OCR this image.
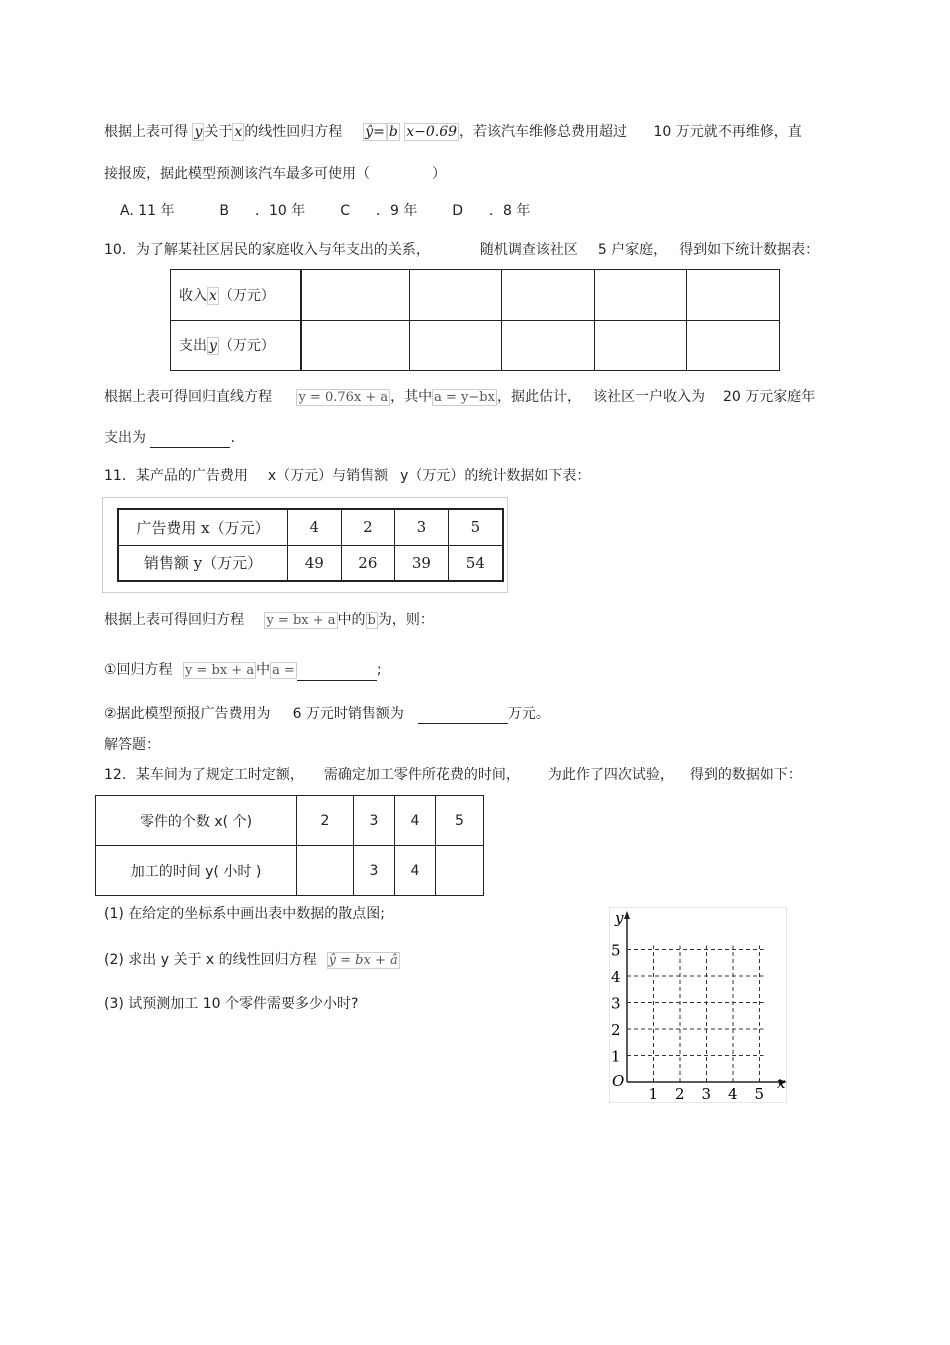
根据上表可得 y 关于 x 的线性回归方程 ŷ= b x−0.69 ，若该汽车维修总费用超过 10 万元就不再维修，直
接报废，据此模型预测该汽车最多可使用（	）
A. 11 年	B ．10 年 C ．9 年 D ．8 年
10．为了解某社区居民的家庭收入与年支出的关系，	随机调查该社区 5 户家庭， 得到如下统计数据表：
收入 x （万元）					
支出 y （万元）					
根据上表可得回归直线方程 y = 0.76x + a ，其中 a = y−bx ，据此估计， 该社区一户收入为 20 万元家庭年
支出为	.
11．某产品的广告费用 x（万元）与销售额 y（万元）的统计数据如下表：
广告费用 x（万元）	4	2	3	5
销售额 y（万元）	49	26	39	54
根据上表可得回归方程 y = bx + a 中的 b 为，则：
①回归方程 y = bx + a 中 a =	;
②据此模型预报广告费用为 6 万元时销售额为	万元。
解答题：
12．某车间为了规定工时定额， 需确定加工零件所花费的时间， 为此作了四次试验， 得到的数据如下：
零件的个数 x( 个)	2	3	4	5
加工的时间 y( 小时 )		3	4	
(1) 在给定的坐标系中画出表中数据的散点图;
(2) 求出 y 关于 x 的线性回归方程 ŷ = bx + â
(3) 试预测加工 10 个零件需要多少小时?
y
x
O
1 2 3 4 5
1
2
3
4
5
